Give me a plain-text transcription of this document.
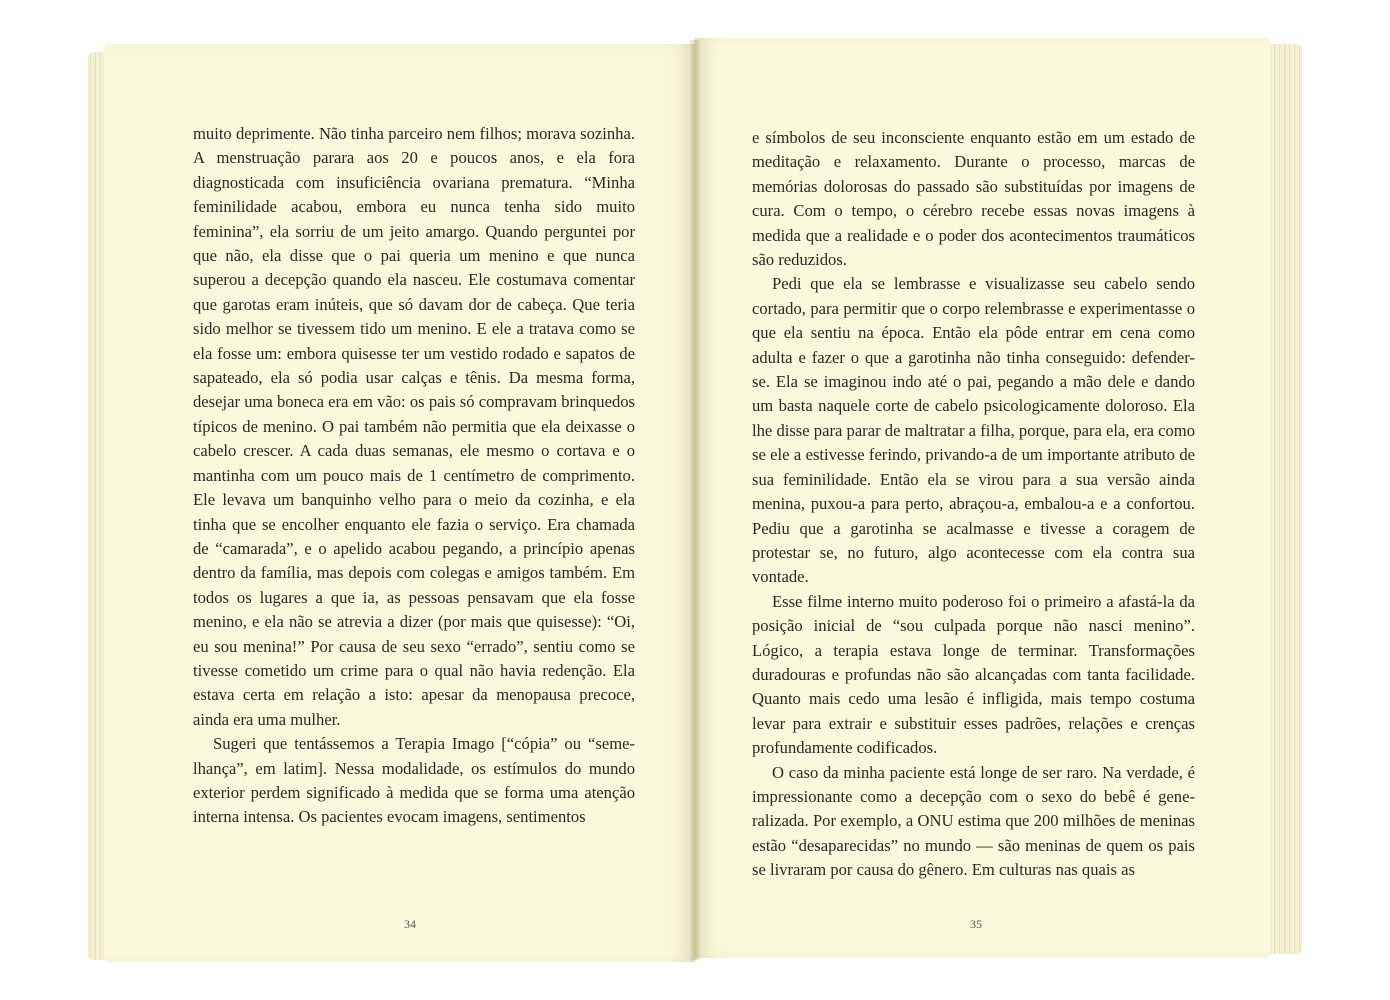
muito deprimente. Não tinha parceiro nem filhos; morava sozinha. A menstruação parara aos 20 e poucos anos, e ela fora diagnosticada com insuficiência ovariana prematura. “Minha feminilidade acabou, embora eu nunca tenha sido muito feminina”, ela sorriu de um jeito amargo. Quando perguntei por que não, ela disse que o pai queria um menino e que nunca superou a decepção quando ela nasceu. Ele costumava comentar que garotas eram inúteis, que só davam dor de cabeça. Que teria sido melhor se tivessem tido um menino. E ele a tratava como se ela fosse um: embora quisesse ter um vestido rodado e sapatos de sapateado, ela só podia usar calças e tênis. Da mesma forma, desejar uma boneca era em vão: os pais só compravam brinquedos típicos de menino. O pai também não permitia que ela deixasse o cabelo crescer. A cada duas semanas, ele mesmo o cortava e o mantinha com um pouco mais de 1 centímetro de comprimento. Ele levava um banquinho velho para o meio da cozinha, e ela tinha que se encolher enquanto ele fazia o serviço. Era chamada de “camarada”, e o apelido acabou pegando, a princípio apenas dentro da família, mas depois com colegas e amigos também. Em todos os lugares a que ia, as pessoas pensavam que ela fosse menino, e ela não se atrevia a dizer (por mais que quisesse): “Oi, eu sou menina!” Por causa de seu sexo “errado”, sentiu como se tivesse cometido um crime para o qual não havia redenção. Ela estava certa em relação a isto: apesar da menopausa precoce, ainda era uma mulher.

Sugeri que tentássemos a Terapia Imago [“cópia” ou “semelhança”, em latim]. Nessa modalidade, os estímulos do mundo exterior perdem significado à medida que se forma uma atenção interna intensa. Os pacientes evocam imagens, sentimentos

e símbolos de seu inconsciente enquanto estão em um estado de meditação e relaxamento. Durante o processo, marcas de memórias dolorosas do passado são substituídas por imagens de cura. Com o tempo, o cérebro recebe essas novas imagens à medida que a realidade e o poder dos acontecimentos traumáticos são reduzidos.

Pedi que ela se lembrasse e visualizasse seu cabelo sendo cortado, para permitir que o corpo relembrasse e experimentasse o que ela sentiu na época. Então ela pôde entrar em cena como adulta e fazer o que a garotinha não tinha conseguido: defender-se. Ela se imaginou indo até o pai, pegando a mão dele e dando um basta naquele corte de cabelo psicologicamente doloroso. Ela lhe disse para parar de maltratar a filha, porque, para ela, era como se ele a estivesse ferindo, privando-a de um importante atributo de sua feminilidade. Então ela se virou para a sua versão ainda menina, puxou-a para perto, abraçou-a, embalou-a e a confortou. Pediu que a garotinha se acalmasse e tivesse a coragem de protestar se, no futuro, algo acontecesse com ela contra sua vontade.

Esse filme interno muito poderoso foi o primeiro a afastá-la da posição inicial de “sou culpada porque não nasci menino”. Lógico, a terapia estava longe de terminar. Transformações duradouras e profundas não são alcançadas com tanta facilidade. Quanto mais cedo uma lesão é infligida, mais tempo costuma levar para extrair e substituir esses padrões, relações e crenças profundamente codificados.

O caso da minha paciente está longe de ser raro. Na verdade, é impressionante como a decepção com o sexo do bebê é generalizada. Por exemplo, a ONU estima que 200 milhões de meninas estão “desaparecidas” no mundo — são meninas de quem os pais se livraram por causa do gênero. Em culturas nas quais as

34	35
